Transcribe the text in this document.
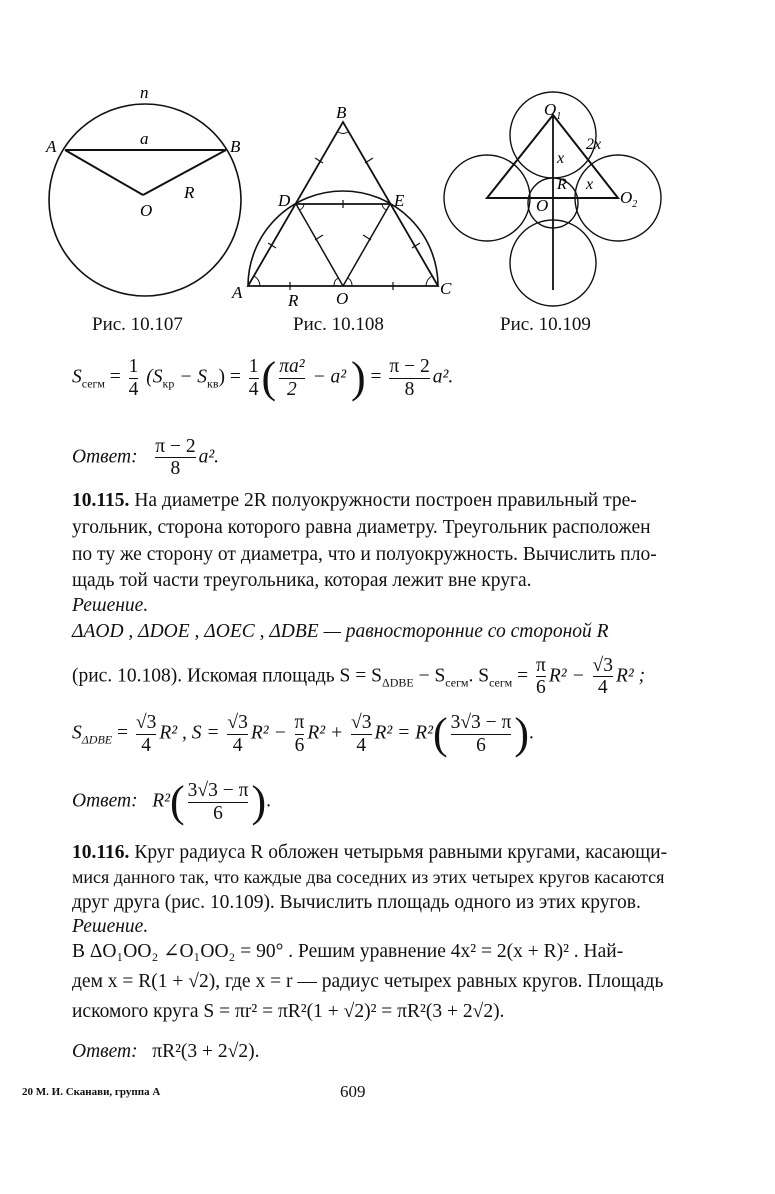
n
A	a	B
R
O
Рис. 10.107
B
D	E
A	C
R O
Рис. 10.108
$O_1$
2x
x
R x
O	$O_2$
Рис. 10.109
$S_{сегм} = \frac{1}{4} (S_{кр} - S_{кв}) = \frac{1}{4}$ ( $\frac{\text{πa²}}{2} - a^2$ ) = $\frac{\pi - 2}{8} a^2$.
Ответ: $\frac{\pi - 2}{8} a^2$.
10.115. На диаметре 2R полуокружности построен правильный тре-
угольник, сторона которого равна диаметру. Треугольник расположен
по ту же сторону от диаметра, что и полуокружность. Вычислить пло-
щадь той части треугольника, которая лежит вне круга.
Решение.
ΔAOD , ΔDOE , ΔOEC , ΔDBE — равносторонние со стороной R
(рис. 10.108). Искомая площадь $S = S_{\Delta DBE} - S_{сегм}$. $S_{сегм} = \frac{\pi}{6} R^2 - \frac{√3}{4} R^2$ ;
$S_{\Delta DBE} = \frac{√3}{4} R^2$ , $S = \frac{√3}{4} R^2 - \frac{\pi}{6} R^2 + \frac{√3}{4} R^2 = R^2( \frac{3√3 - \pi}{6}$ ).
Ответ: $R^2( \frac{3√3 - \pi}{6}$ ).
10.116. Круг радиуса R обложен четырьмя равными кругами, касающи-
мися данного так, что каждые два соседних из этих четырех кругов касаются
друг друга (рис. 10.109). Вычислить площадь одного из этих кругов.
Решение.
В ΔO₁OO₂ ∠O₁OO₂ = 90° . Решим уравнение 4x² = 2(x + R)² . Най-
дем x = R(1 + √2), где x = r — радиус четырех равных кругов. Площадь
искомого круга S = πr² = πR²(1 + √2)² = πR²(3 + 2√2).
Ответ: πR²(3 + 2√2).
20 М. И. Сканави, группа А	609
